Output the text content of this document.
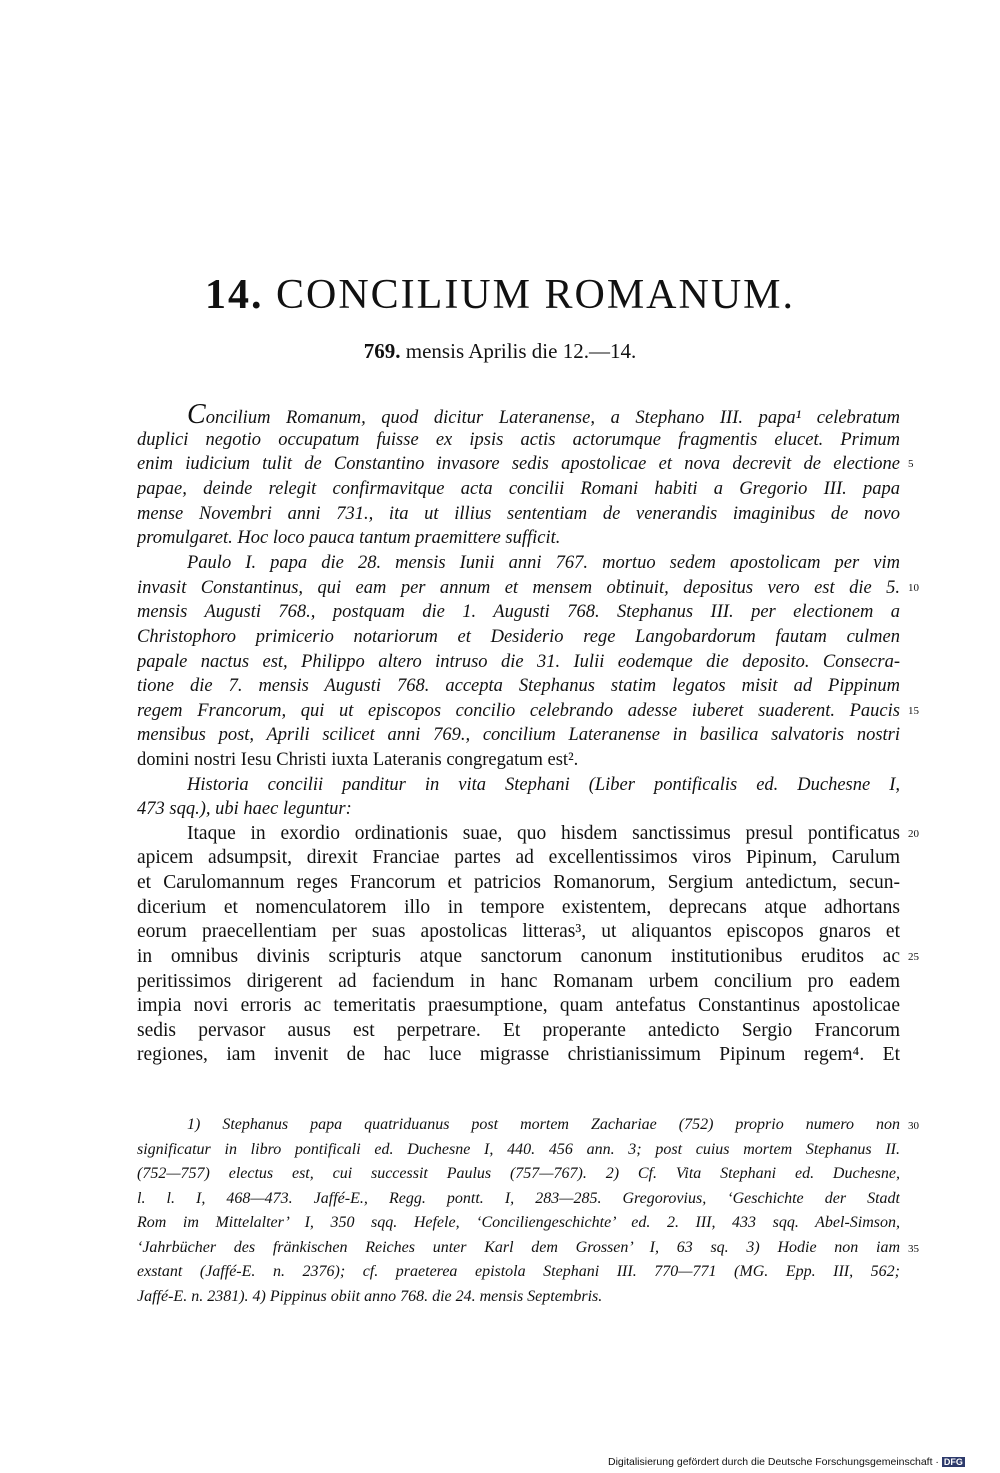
14. CONCILIUM ROMANUM.
769. mensis Aprilis die 12.—14.
Concilium Romanum, quod dicitur Lateranense, a Stephano III. papa¹ celebratum
duplici negotio occupatum fuisse ex ipsis actis actorumque fragmentis elucet. Primum
enim iudicium tulit de Constantino invasore sedis apostolicae et nova decrevit de electione
papae, deinde relegit confirmavitque acta concilii Romani habiti a Gregorio III. papa
mense Novembri anni 731., ita ut illius sententiam de venerandis imaginibus de novo
promulgaret. Hoc loco pauca tantum praemittere sufficit.
Paulo I. papa die 28. mensis Iunii anni 767. mortuo sedem apostolicam per vim
invasit Constantinus, qui eam per annum et mensem obtinuit, depositus vero est die 5.
mensis Augusti 768., postquam die 1. Augusti 768. Stephanus III. per electionem a
Christophoro primicerio notariorum et Desiderio rege Langobardorum fautam culmen
papale nactus est, Philippo altero intruso die 31. Iulii eodemque die deposito. Consecra-
tione die 7. mensis Augusti 768. accepta Stephanus statim legatos misit ad Pippinum
regem Francorum, qui ut episcopos concilio celebrando adesse iuberet suaderent. Paucis
mensibus post, Aprili scilicet anni 769., concilium Lateranense in basilica salvatoris nostri
domini nostri Iesu Christi iuxta Lateranis congregatum est².
Historia concilii panditur in vita Stephani (Liber pontificalis ed. Duchesne I,
473 sqq.), ubi haec leguntur:
Itaque in exordio ordinationis suae, quo hisdem sanctissimus presul pontificatus
apicem adsumpsit, direxit Franciae partes ad excellentissimos viros Pipinum, Carulum
et Carulomannum reges Francorum et patricios Romanorum, Sergium antedictum, secun-
dicerium et nomenculatorem illo in tempore existentem, deprecans atque adhortans
eorum praecellentiam per suas apostolicas litteras³, ut aliquantos episcopos gnaros et
in omnibus divinis scripturis atque sanctorum canonum institutionibus eruditos ac
peritissimos dirigerent ad faciendum in hanc Romanam urbem concilium pro eadem
impia novi erroris ac temeritatis praesumptione, quam antefatus Constantinus apostolicae
sedis pervasor ausus est perpetrare. Et properante antedicto Sergio Francorum
regiones, iam invenit de hac luce migrasse christianissimum Pipinum regem⁴. Et
1) Stephanus papa quatriduanus post mortem Zachariae (752) proprio numero non
significatur in libro pontificali ed. Duchesne I, 440. 456 ann. 3; post cuius mortem Stephanus II.
(752—757) electus est, cui successit Paulus (757—767). 2) Cf. Vita Stephani ed. Duchesne,
l. l. I, 468—473. Jaffé-E., Regg. pontt. I, 283—285. Gregorovius, ‘Geschichte der Stadt
Rom im Mittelalter’ I, 350 sqq. Hefele, ‘Conciliengeschichte’ ed. 2. III, 433 sqq. Abel-Simson,
‘Jahrbücher des fränkischen Reiches unter Karl dem Grossen’ I, 63 sq. 3) Hodie non iam
exstant (Jaffé-E. n. 2376); cf. praeterea epistola Stephani III. 770—771 (MG. Epp. III, 562;
Jaffé-E. n. 2381). 4) Pippinus obiit anno 768. die 24. mensis Septembris.
5
10
15
20
25
30
35
Digitalisierung gefördert durch die Deutsche Forschungsgemeinschaft · DFG
